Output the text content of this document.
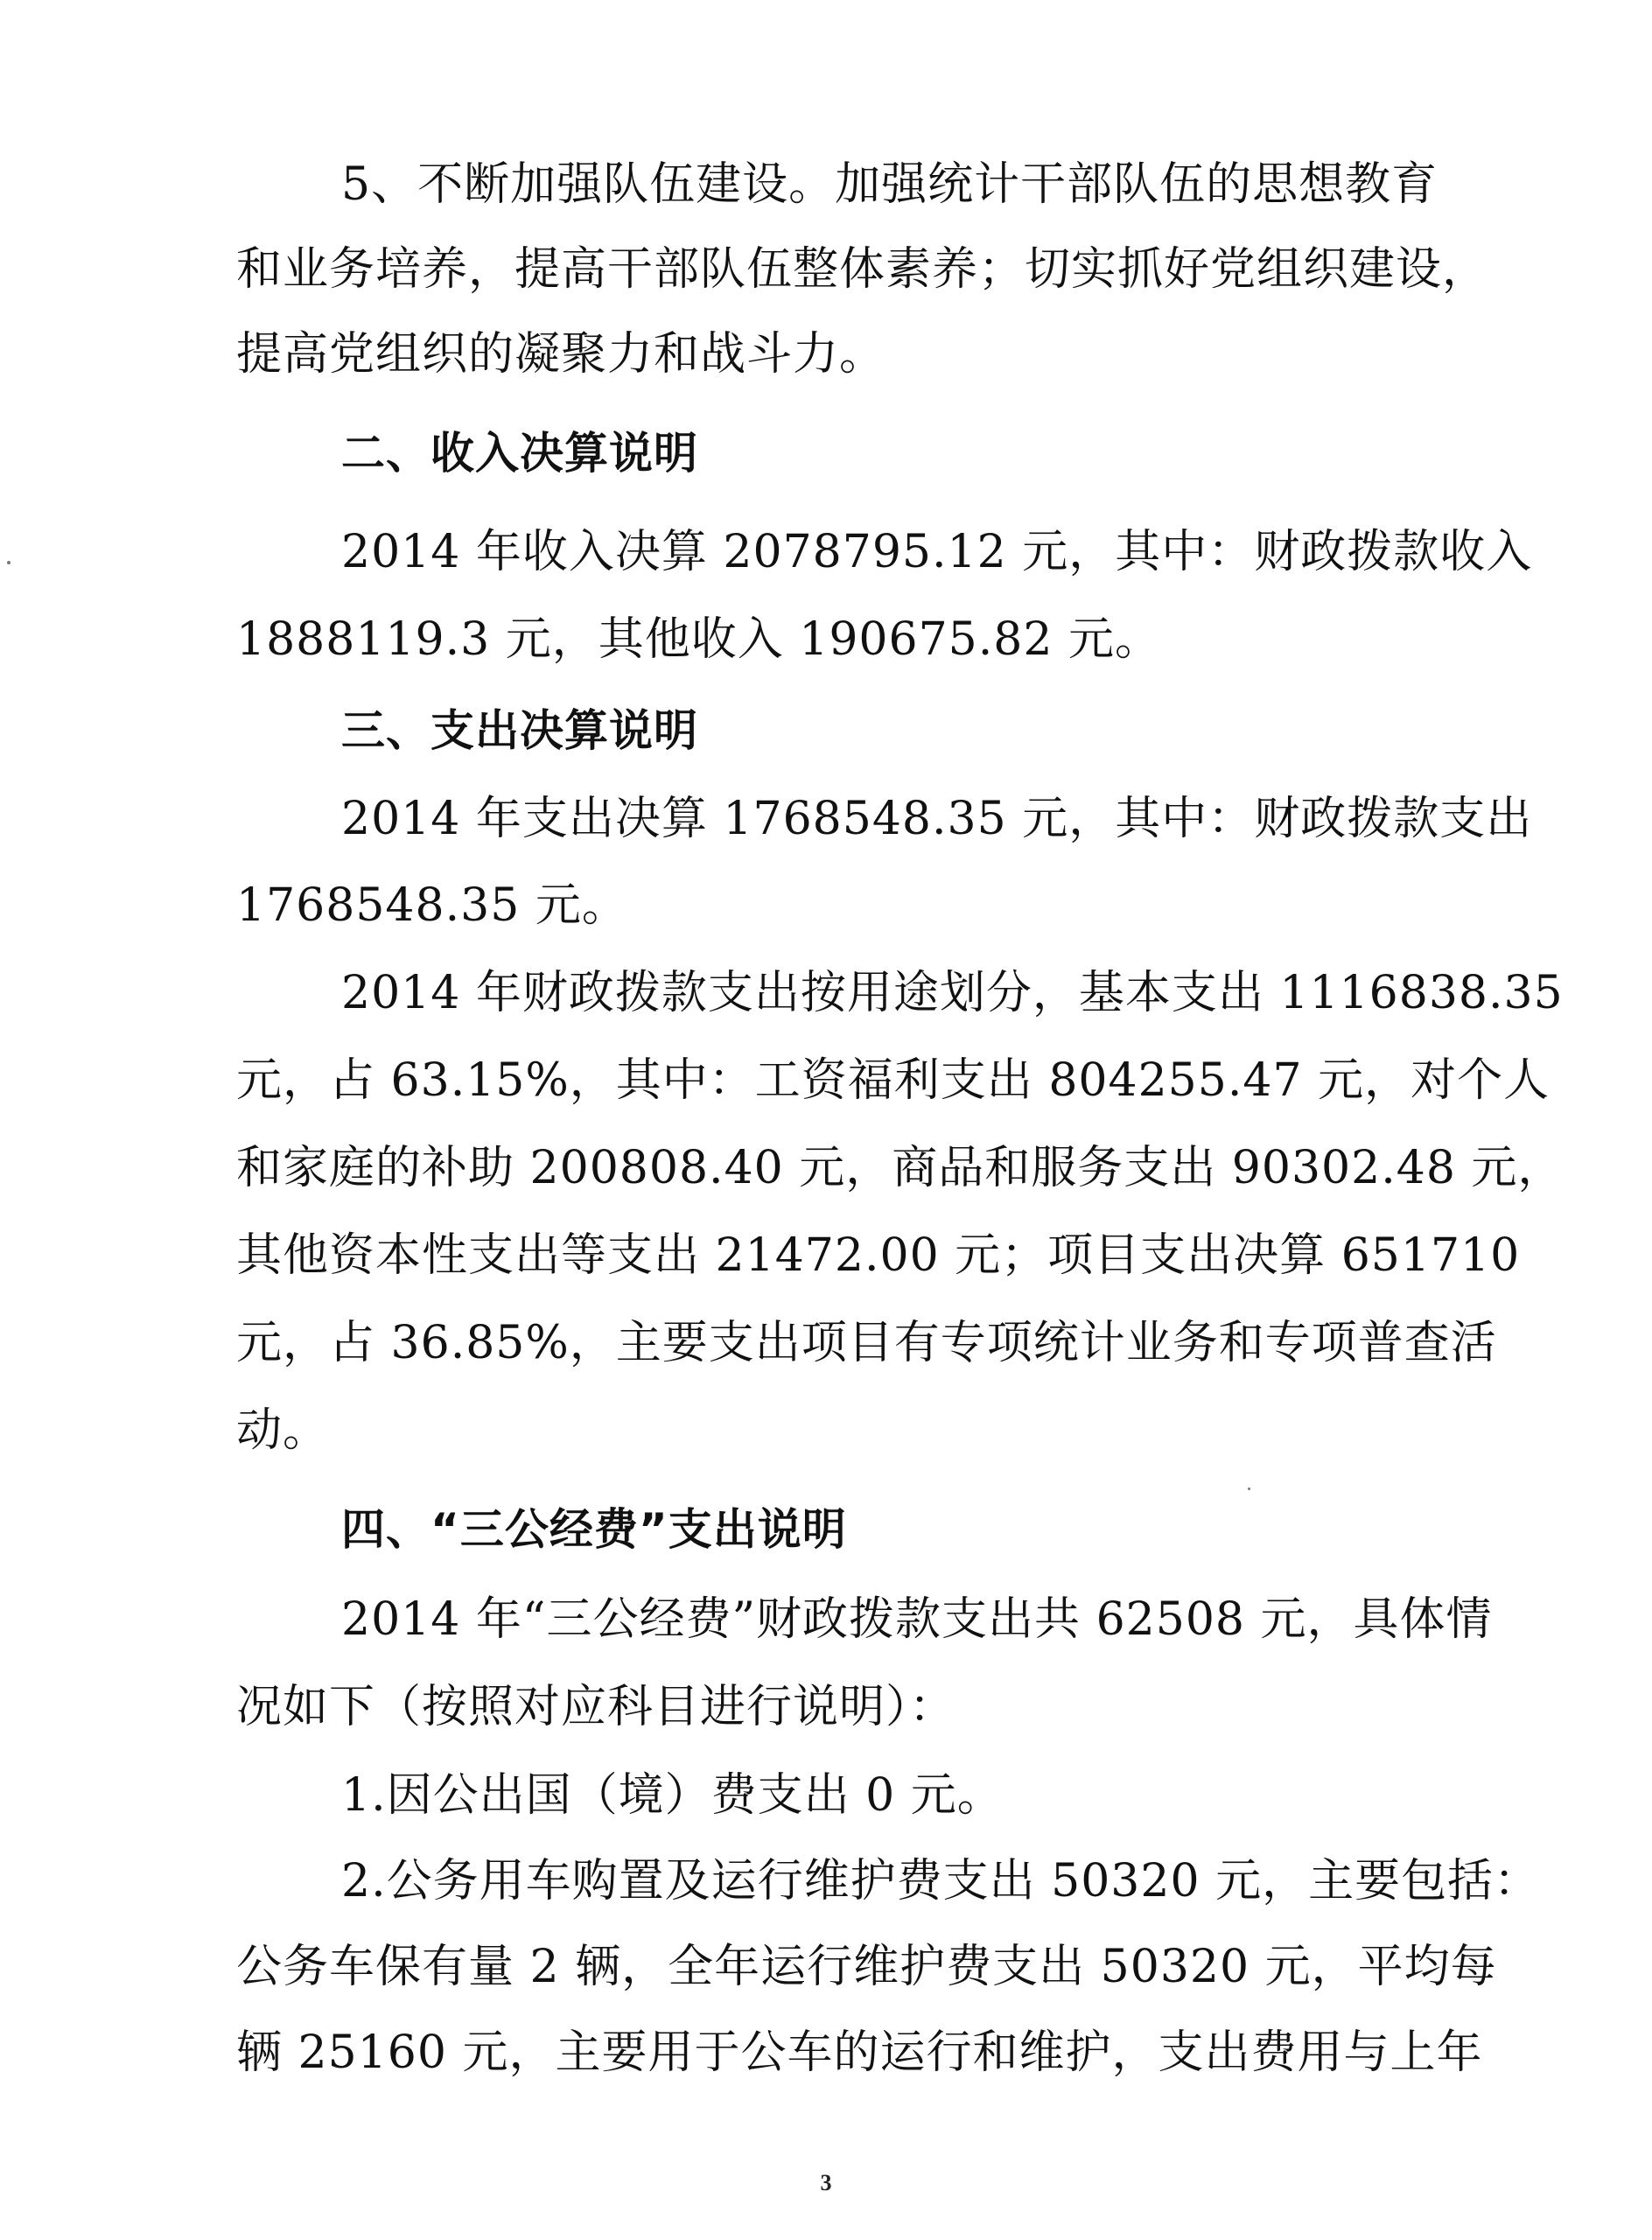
5、不断加强队伍建设。加强统计干部队伍的思想教育
和业务培养，提高干部队伍整体素养；切实抓好党组织建设，
提高党组织的凝聚力和战斗力。
二、收入决算说明
2014 年收入决算 2078795.12 元，其中：财政拨款收入
1888119.3 元，其他收入 190675.82 元。
三、支出决算说明
2014 年支出决算 1768548.35 元，其中：财政拨款支出
1768548.35 元。
2014 年财政拨款支出按用途划分，基本支出 1116838.35
元，占 63.15%，其中：工资福利支出 804255.47 元，对个人
和家庭的补助 200808.40 元，商品和服务支出 90302.48 元，
其他资本性支出等支出 21472.00 元；项目支出决算 651710
元，占 36.85%，主要支出项目有专项统计业务和专项普查活
动。
四、“三公经费”支出说明
2014 年“三公经费”财政拨款支出共 62508 元，具体情
况如下（按照对应科目进行说明）：
1.因公出国（境）费支出 0 元。
2.公务用车购置及运行维护费支出 50320 元，主要包括：
公务车保有量 2 辆，全年运行维护费支出 50320 元，平均每
辆 25160 元，主要用于公车的运行和维护，支出费用与上年
3
